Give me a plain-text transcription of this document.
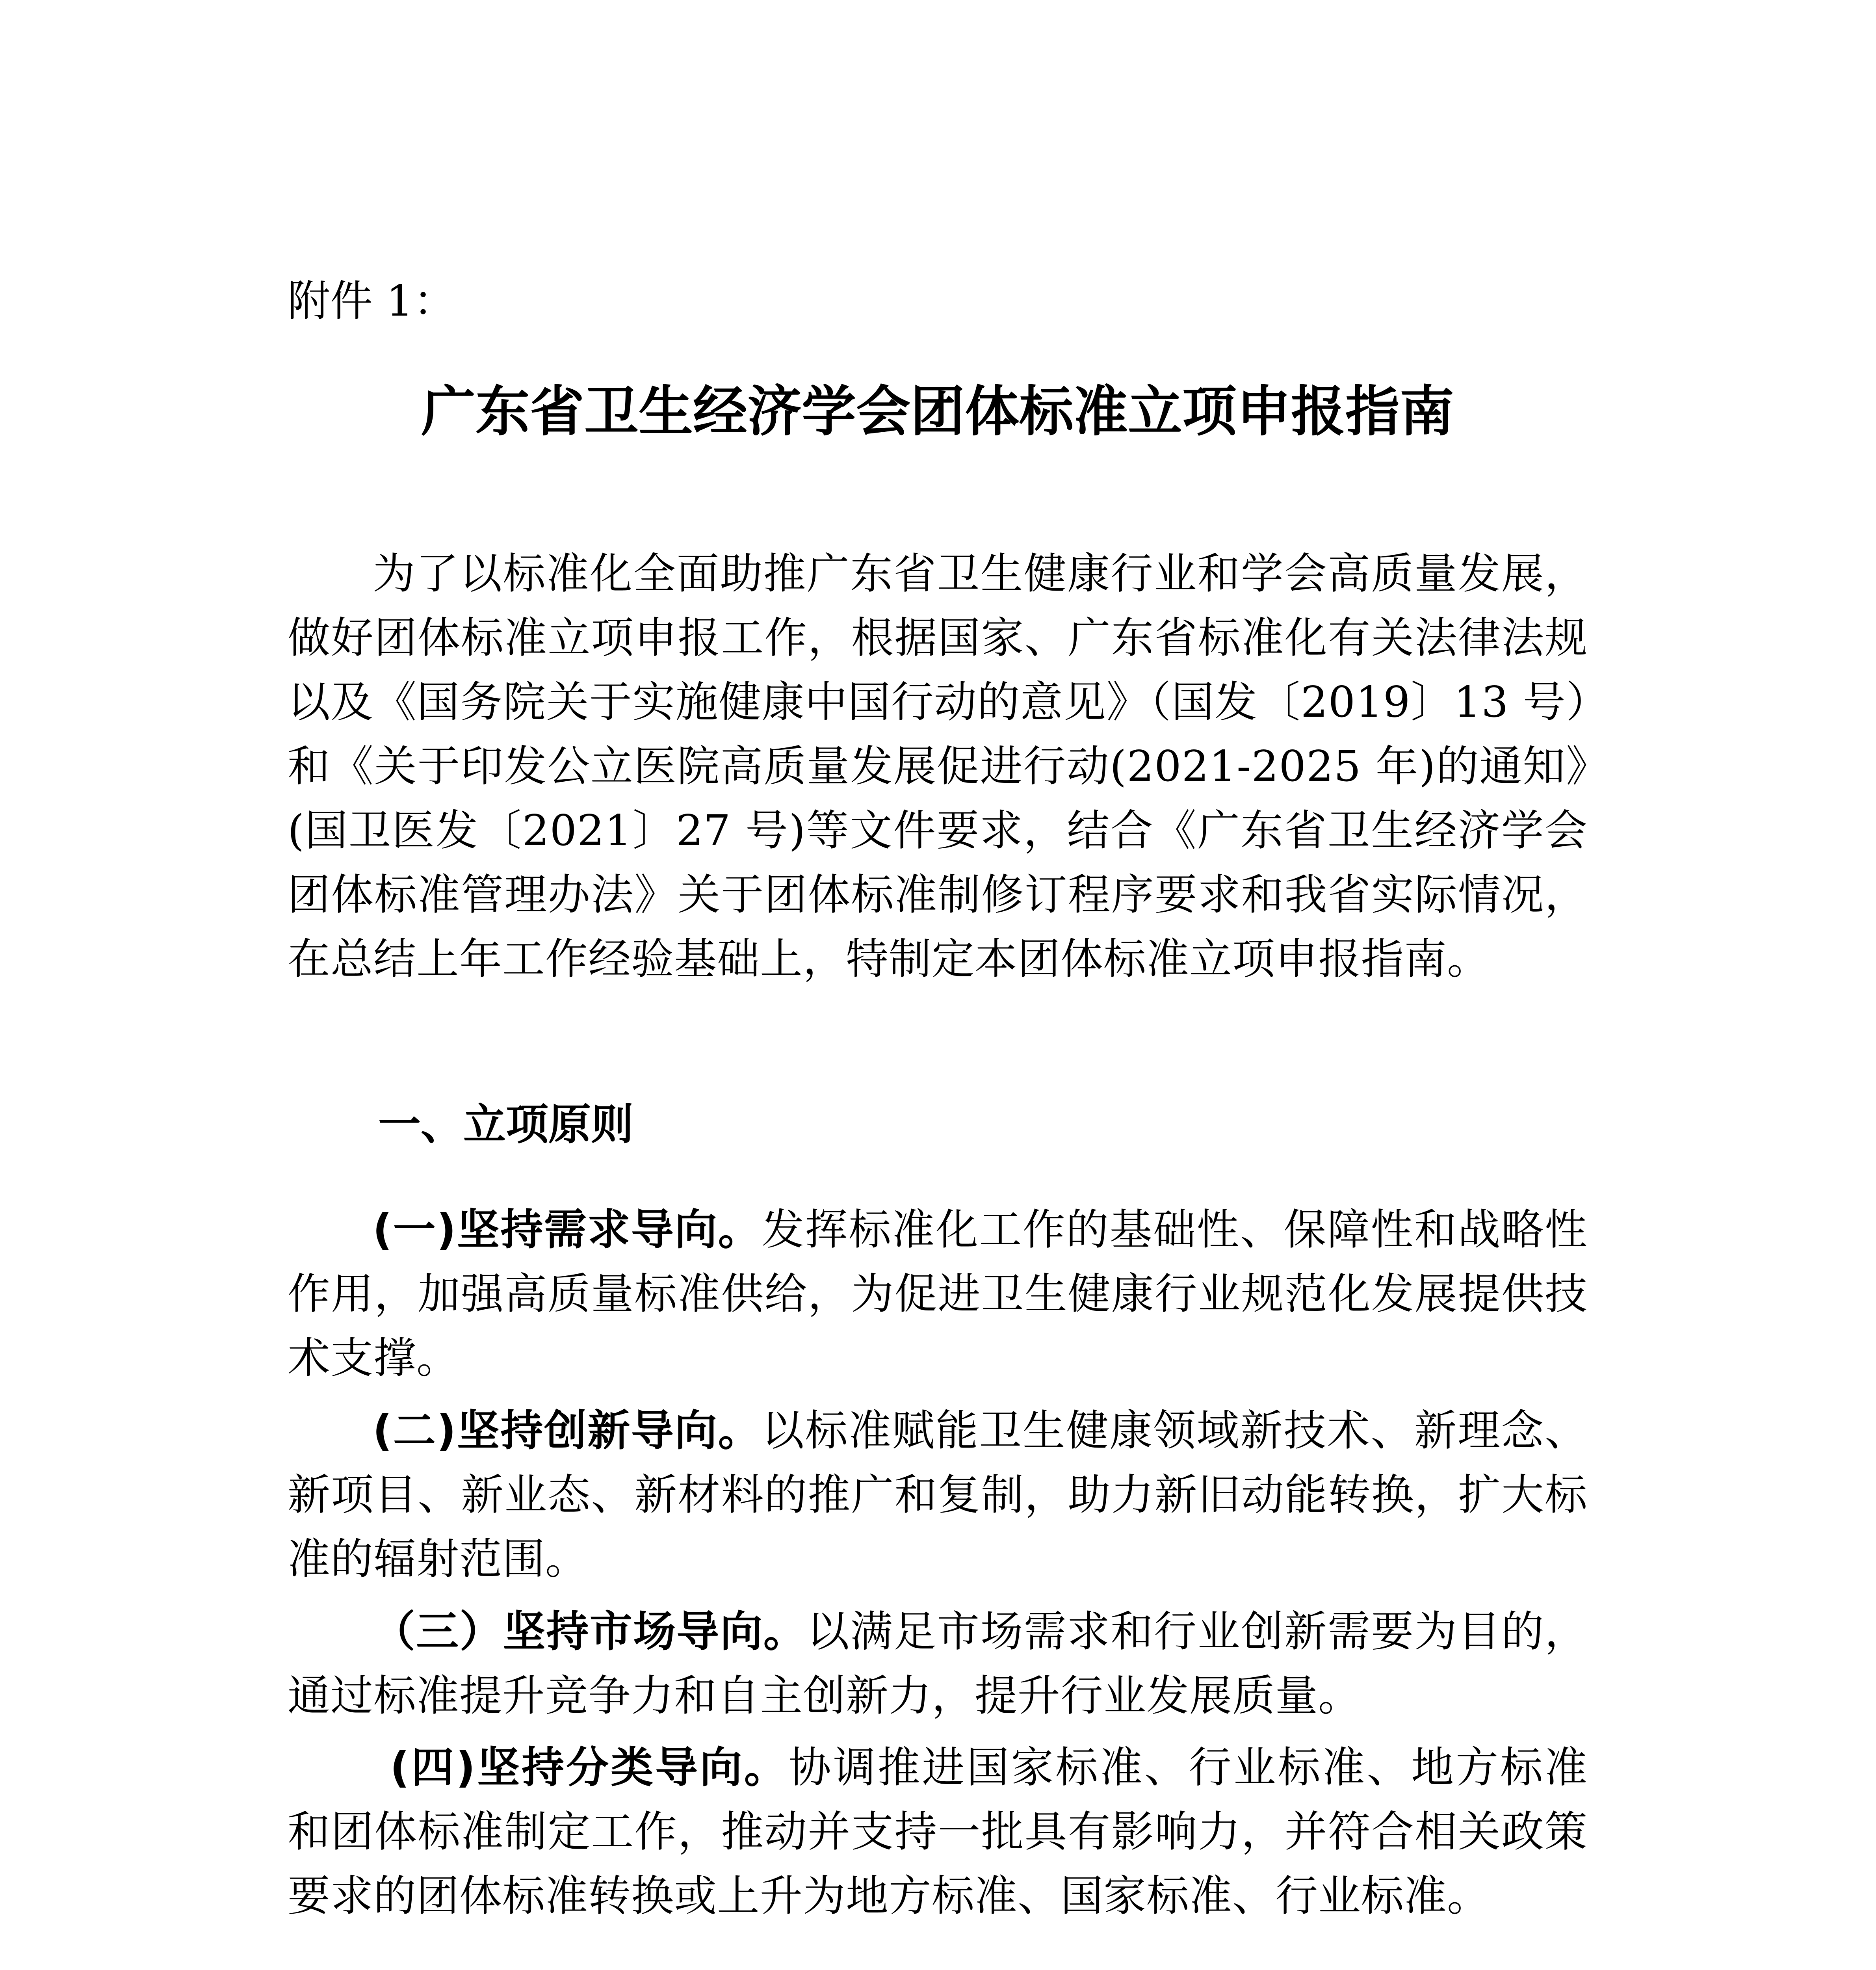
附件 1：
广东省卫生经济学会团体标准立项申报指南

为了以标准化全面助推广东省卫生健康行业和学会高质量发展，做好团体标准立项申报工作，根据国家、广东省标准化有关法律法规以及《国务院关于实施健康中国行动的意见》（国发〔2019〕13 号）和《关于印发公立医院高质量发展促进行动(2021-2025 年)的通知》(国卫医发〔2021〕27 号)等文件要求，结合《广东省卫生经济学会团体标准管理办法》关于团体标准制修订程序要求和我省实际情况，在总结上年工作经验基础上，特制定本团体标准立项申报指南。

一、立项原则

(一)坚持需求导向。发挥标准化工作的基础性、保障性和战略性作用，加强高质量标准供给，为促进卫生健康行业规范化发展提供技术支撑。

(二)坚持创新导向。以标准赋能卫生健康领域新技术、新理念、新项目、新业态、新材料的推广和复制，助力新旧动能转换，扩大标准的辐射范围。

（三）坚持市场导向。以满足市场需求和行业创新需要为目的，通过标准提升竞争力和自主创新力，提升行业发展质量。

(四)坚持分类导向。协调推进国家标准、行业标准、地方标准和团体标准制定工作，推动并支持一批具有影响力，并符合相关政策要求的团体标准转换或上升为地方标准、国家标准、行业标准。
